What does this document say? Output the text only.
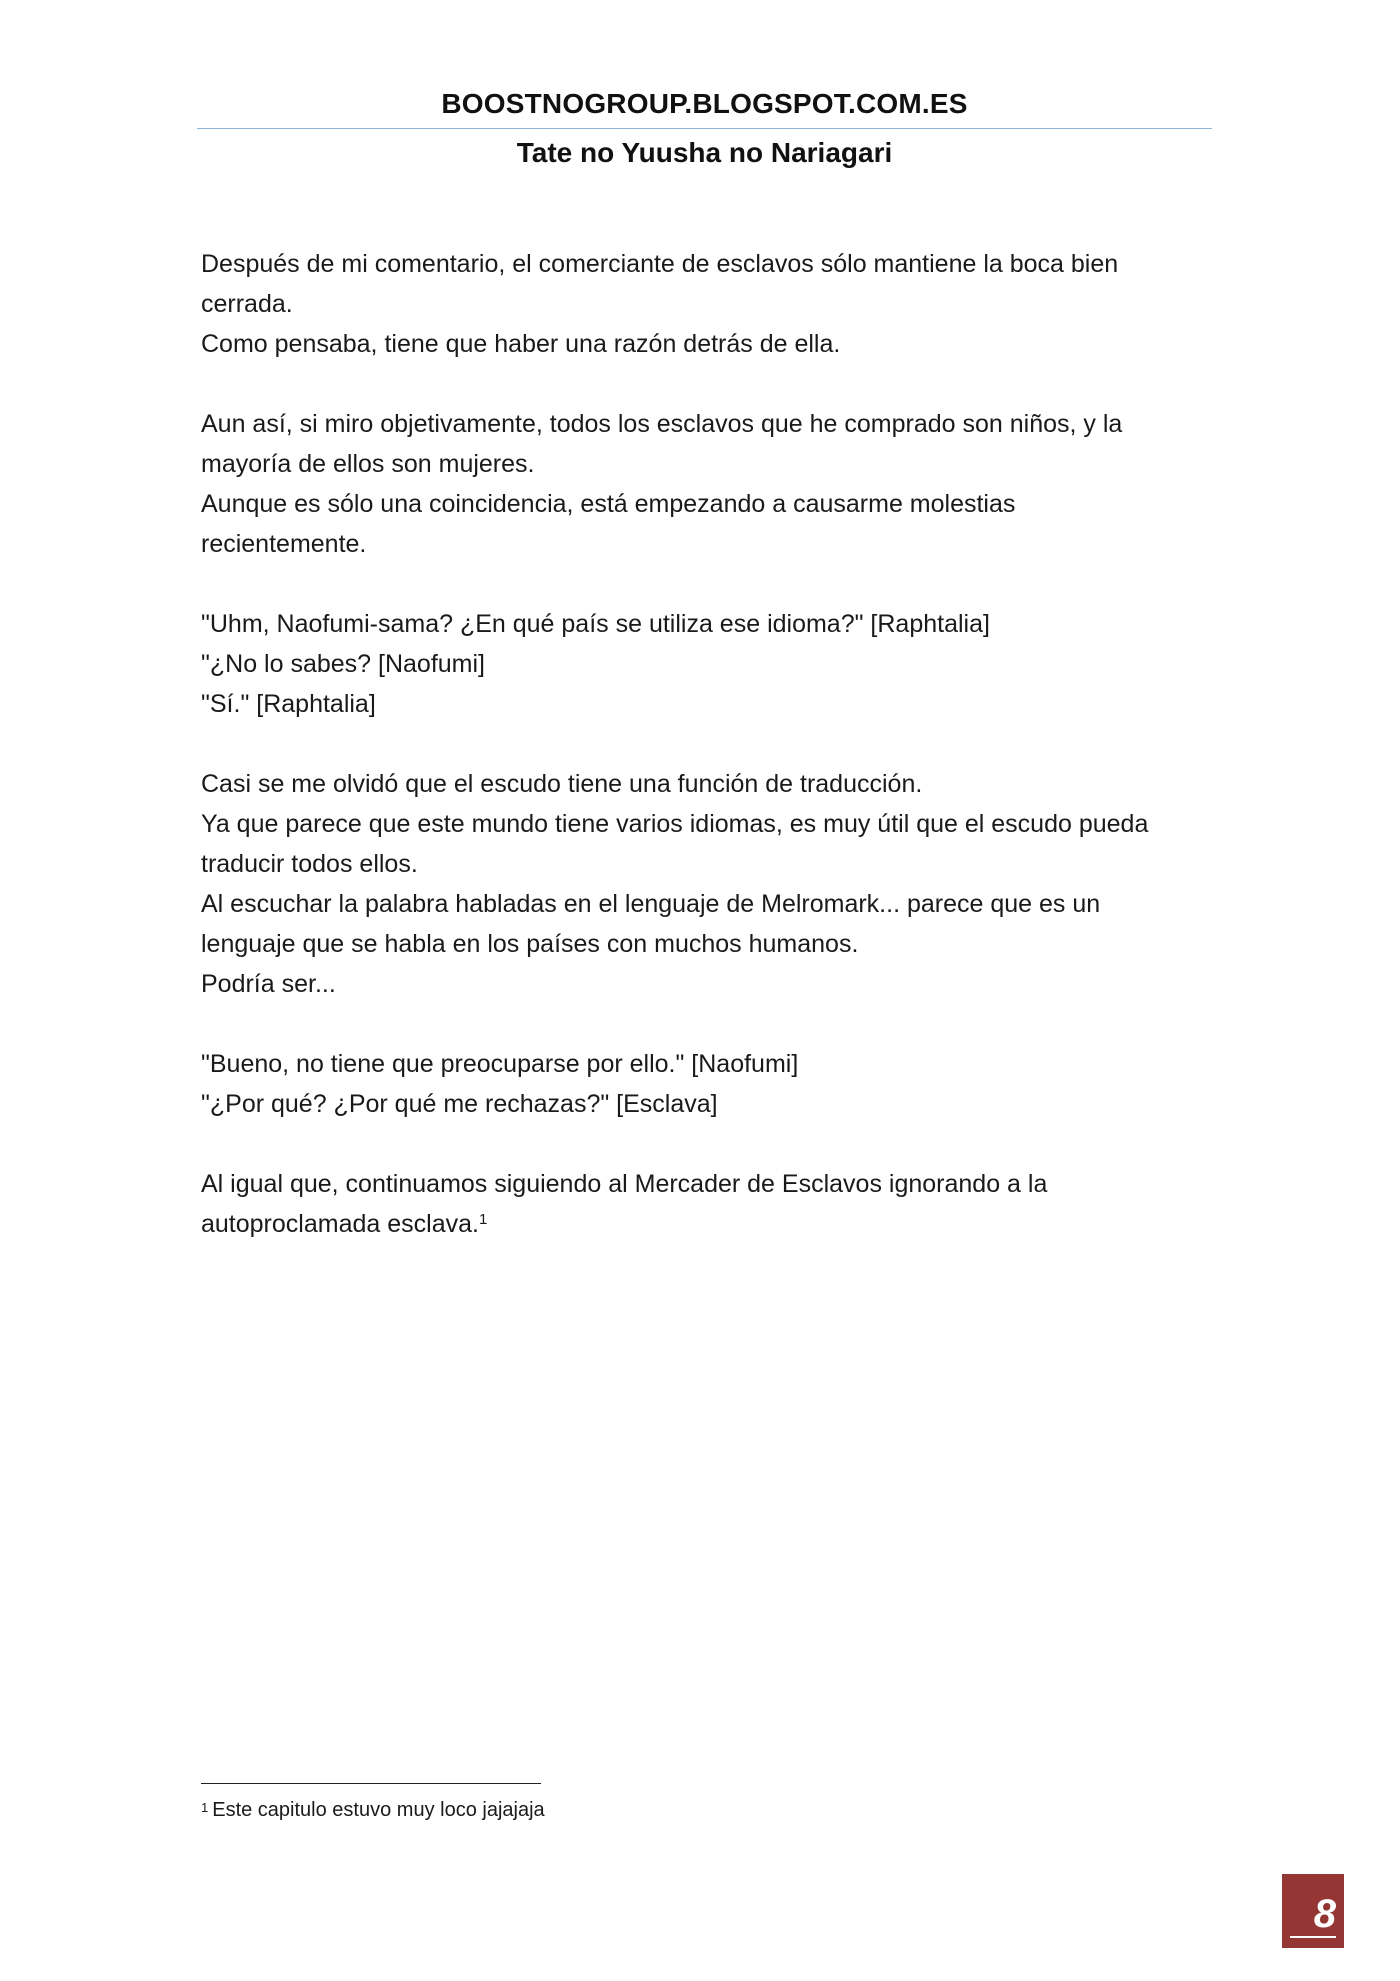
BOOSTNOGROUP.BLOGSPOT.COM.ES
Tate no Yuusha no Nariagari
Después de mi comentario, el comerciante de esclavos sólo mantiene la boca bien
cerrada.
Como pensaba, tiene que haber una razón detrás de ella.
Aun así, si miro objetivamente, todos los esclavos que he comprado son niños, y la
mayoría de ellos son mujeres.
Aunque es sólo una coincidencia, está empezando a causarme molestias
recientemente.
"Uhm, Naofumi-sama? ¿En qué país se utiliza ese idioma?" [Raphtalia]
"¿No lo sabes? [Naofumi]
"Sí." [Raphtalia]
Casi se me olvidó que el escudo tiene una función de traducción.
Ya que parece que este mundo tiene varios idiomas, es muy útil que el escudo pueda
traducir todos ellos.
Al escuchar la palabra habladas en el lenguaje de Melromark... parece que es un
lenguaje que se habla en los países con muchos humanos.
Podría ser...
"Bueno, no tiene que preocuparse por ello." [Naofumi]
"¿Por qué? ¿Por qué me rechazas?" [Esclava]
Al igual que, continuamos siguiendo al Mercader de Esclavos ignorando a la
autoproclamada esclava.$^1$
$^1$ Este capitulo estuvo muy loco jajajaja
8
